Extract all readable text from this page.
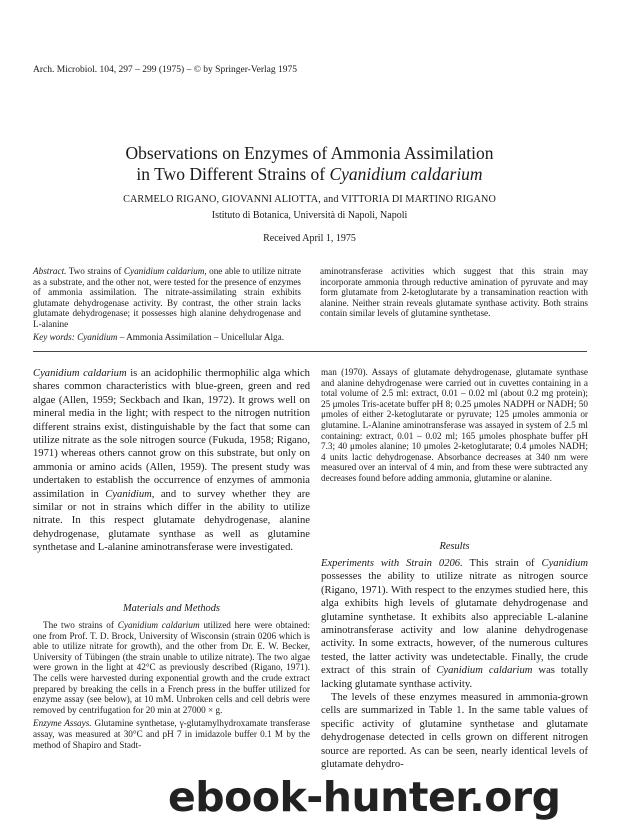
Arch. Microbiol. 104, 297 – 299 (1975) – © by Springer-Verlag 1975
Observations on Enzymes of Ammonia Assimilation
in Two Different Strains of Cyanidium caldarium
CARMELO RIGANO, GIOVANNI ALIOTTA, and VITTORIA DI MARTINO RIGANO
Istituto di Botanica, Università di Napoli, Napoli
Received April 1, 1975
Abstract. Two strains of Cyanidium caldarium, one able to utilize nitrate as a substrate, and the other not, were tested for the presence of enzymes of ammonia assimilation. The nitrate-assimilating strain exhibits glutamate dehydrogenase activity. By contrast, the other strain lacks glutamate dehydrogenase; it possesses high alanine dehydrogenase and L-alanine
aminotransferase activities which suggest that this strain may incorporate ammonia through reductive amination of pyruvate and may form glutamate from 2-ketoglutarate by a transamination reaction with alanine. Neither strain reveals glutamate synthase activity. Both strains contain similar levels of glutamine synthetase.
Key words: Cyanidium – Ammonia Assimilation – Unicellular Alga.

Cyanidium caldarium is an acidophilic thermophilic alga which shares common characteristics with blue-green, green and red algae (Allen, 1959; Seckbach and Ikan, 1972). It grows well on mineral media in the light; with respect to the nitrogen nutrition different strains exist, distinguishable by the fact that some can utilize nitrate as the sole nitrogen source (Fukuda, 1958; Rigano, 1971) whereas others cannot grow on this substrate, but only on ammonia or amino acids (Allen, 1959). The present study was undertaken to establish the occurrence of enzymes of ammonia assimilation in Cyanidium, and to survey whether they are similar or not in strains which differ in the ability to utilize nitrate. In this respect glutamate dehydrogenase, alanine dehydrogenase, glutamate synthase as well as glutamine synthetase and L-alanine aminotransferase were investigated.

Materials and Methods

The two strains of Cyanidium caldarium utilized here were obtained: one from Prof. T. D. Brock, University of Wisconsin (strain 0206 which is able to utilize nitrate for growth), and the other from Dr. E. W. Becker, University of Tübingen (the strain unable to utilize nitrate). The two algae were grown in the light at 42°C as previously described (Rigano, 1971). The cells were harvested during exponential growth and the crude extract prepared by breaking the cells in a French press in the buffer utilized for enzyme assay (see below), at 10 mM. Unbroken cells and cell debris were removed by centrifugation for 20 min at 27000 × g.

Enzyme Assays. Glutamine synthetase, γ-glutamylhydroxamate transferase assay, was measured at 30°C and pH 7 in imidazole buffer 0.1 M by the method of Shapiro and Stadt-

man (1970). Assays of glutamate dehydrogenase, glutamate synthase and alanine dehydrogenase were carried out in cuvettes containing in a total volume of 2.5 ml: extract, 0.01 – 0.02 ml (about 0.2 mg protein); 25 μmoles Tris-acetate buffer pH 8; 0.25 μmoles NADPH or NADH; 50 μmoles of either 2-ketoglutarate or pyruvate; 125 μmoles ammonia or glutamine. L-Alanine aminotransferase was assayed in system of 2.5 ml containing: extract, 0.01 – 0.02 ml; 165 μmoles phosphate buffer pH 7.3; 40 μmoles alanine; 10 μmoles 2-ketoglutarate; 0.4 μmoles NADH; 4 units lactic dehydrogenase. Absorbance decreases at 340 nm were measured over an interval of 4 min, and from these were subtracted any decreases found before adding ammonia, glutamine or alanine.
Results

Experiments with Strain 0206. This strain of Cyanidium possesses the ability to utilize nitrate as nitrogen source (Rigano, 1971). With respect to the enzymes studied here, this alga exhibits high levels of glutamate dehydrogenase and glutamine synthetase. It exhibits also appreciable L-alanine aminotransferase activity and low alanine dehydrogenase activity. In some extracts, however, of the numerous cultures tested, the latter activity was undetectable. Finally, the crude extract of this strain of Cyanidium caldarium was totally lacking glutamate synthase activity.

The levels of these enzymes measured in ammonia-grown cells are summarized in Table 1. In the same table values of specific activity of glutamine synthetase and glutamate dehydrogenase detected in cells grown on different nitrogen source are reported. As can be seen, nearly identical levels of glutamate dehydro-

ebook-hunter.org
